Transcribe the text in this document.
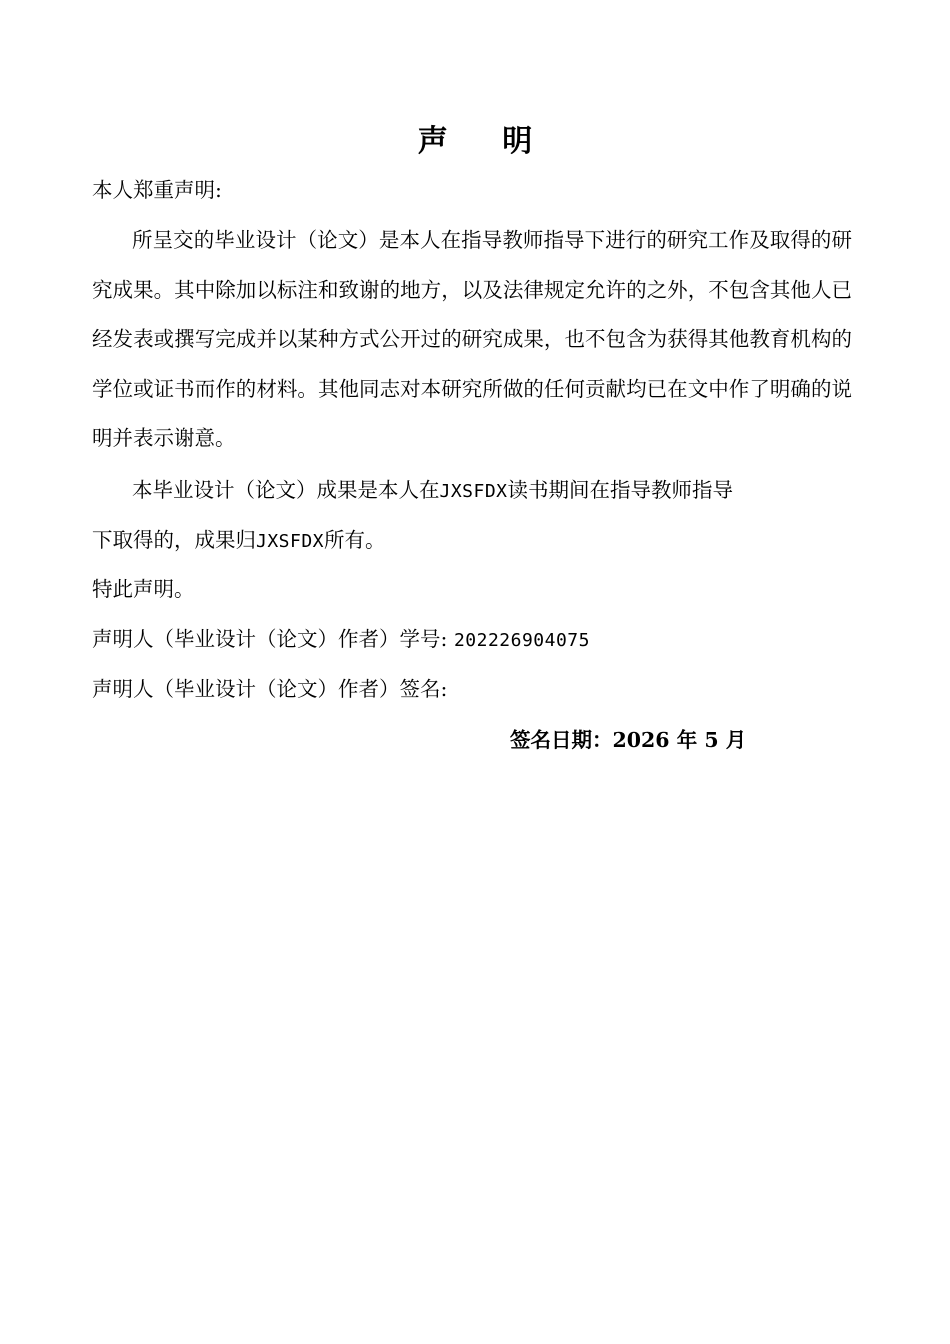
声 明
本人郑重声明:
所呈交的毕业设计（论文）是本人在指导教师指导下进行的研究工作及取得的研究成果。其中除加以标注和致谢的地方，以及法律规定允许的之外，不包含其他人已经发表或撰写完成并以某种方式公开过的研究成果，也不包含为获得其他教育机构的学位或证书而作的材料。其他同志对本研究所做的任何贡献均已在文中作了明确的说明并表示谢意。
本毕业设计（论文）成果是本人在JXSFDX读书期间在指导教师指导
下取得的，成果归JXSFDX所有。
特此声明。
声明人（毕业设计（论文）作者）学号: 202226904075
声明人（毕业设计（论文）作者）签名:
签名日期：2026 年 5 月
